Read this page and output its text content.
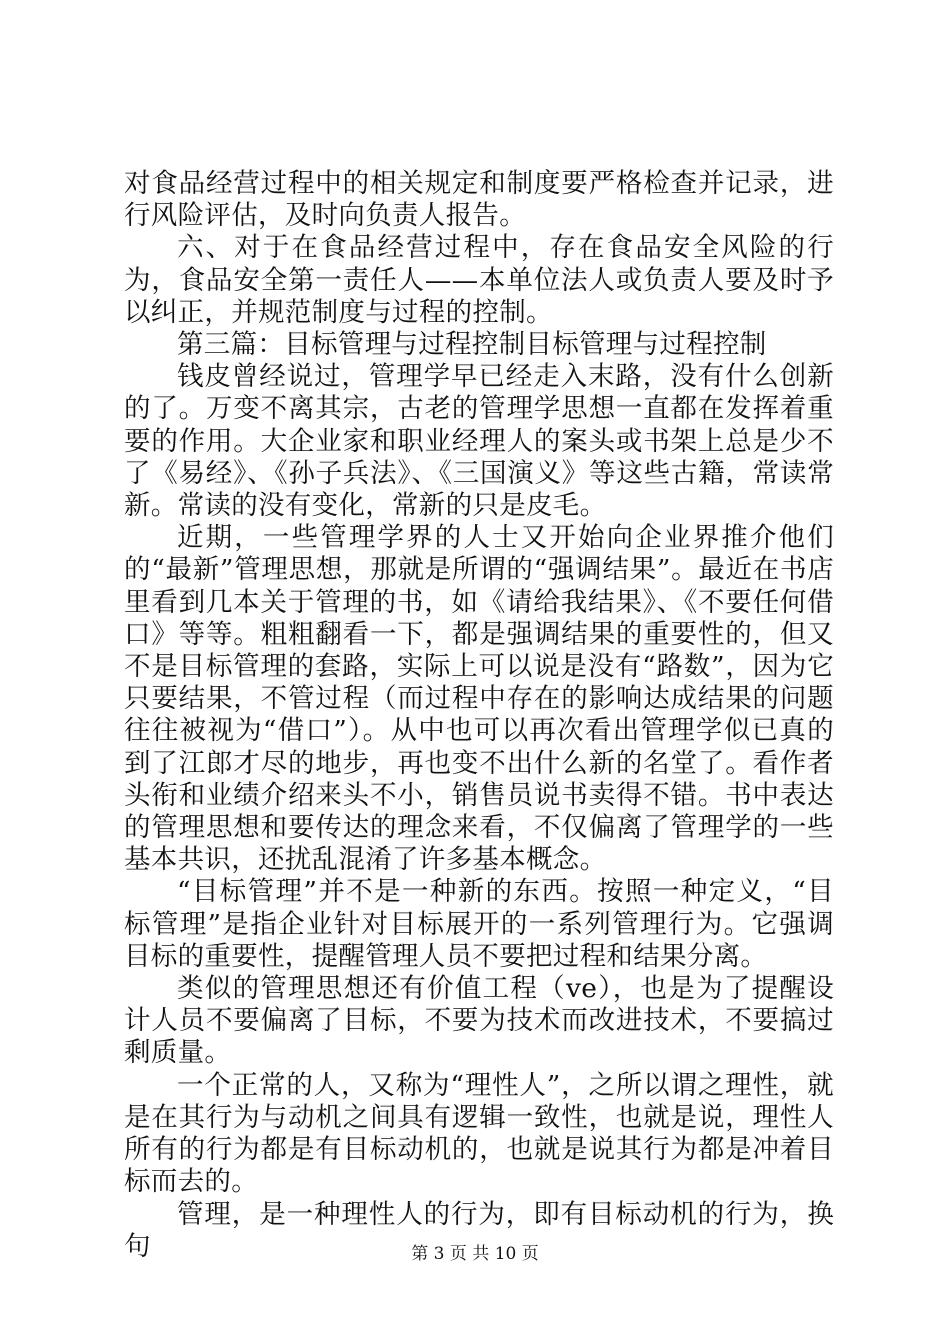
对食品经营过程中的相关规定和制度要严格检查并记录，进行风险评估，及时向负责人报告。

六、对于在食品经营过程中，存在食品安全风险的行为，食品安全第一责任人——本单位法人或负责人要及时予以纠正，并规范制度与过程的控制。

第三篇：目标管理与过程控制目标管理与过程控制

钱皮曾经说过，管理学早已经走入末路，没有什么创新的了。万变不离其宗，古老的管理学思想一直都在发挥着重要的作用。大企业家和职业经理人的案头或书架上总是少不了《易经》、《孙子兵法》、《三国演义》等这些古籍，常读常新。常读的没有变化，常新的只是皮毛。

近期，一些管理学界的人士又开始向企业界推介他们的“最新”管理思想，那就是所谓的“强调结果”。最近在书店里看到几本关于管理的书，如《请给我结果》、《不要任何借口》等等。粗粗翻看一下，都是强调结果的重要性的，但又不是目标管理的套路，实际上可以说是没有“路数”，因为它只要结果，不管过程（而过程中存在的影响达成结果的问题往往被视为“借口”）。从中也可以再次看出管理学似已真的到了江郎才尽的地步，再也变不出什么新的名堂了。看作者头衔和业绩介绍来头不小，销售员说书卖得不错。书中表达的管理思想和要传达的理念来看，不仅偏离了管理学的一些基本共识，还扰乱混淆了许多基本概念。

“目标管理”并不是一种新的东西。按照一种定义，“目标管理”是指企业针对目标展开的一系列管理行为。它强调目标的重要性，提醒管理人员不要把过程和结果分离。

类似的管理思想还有价值工程（ve），也是为了提醒设计人员不要偏离了目标，不要为技术而改进技术，不要搞过剩质量。

一个正常的人，又称为“理性人”，之所以谓之理性，就是在其行为与动机之间具有逻辑一致性，也就是说，理性人所有的行为都是有目标动机的，也就是说其行为都是冲着目标而去的。

管理，是一种理性人的行为，即有目标动机的行为，换句	第 3 页 共 10 页
